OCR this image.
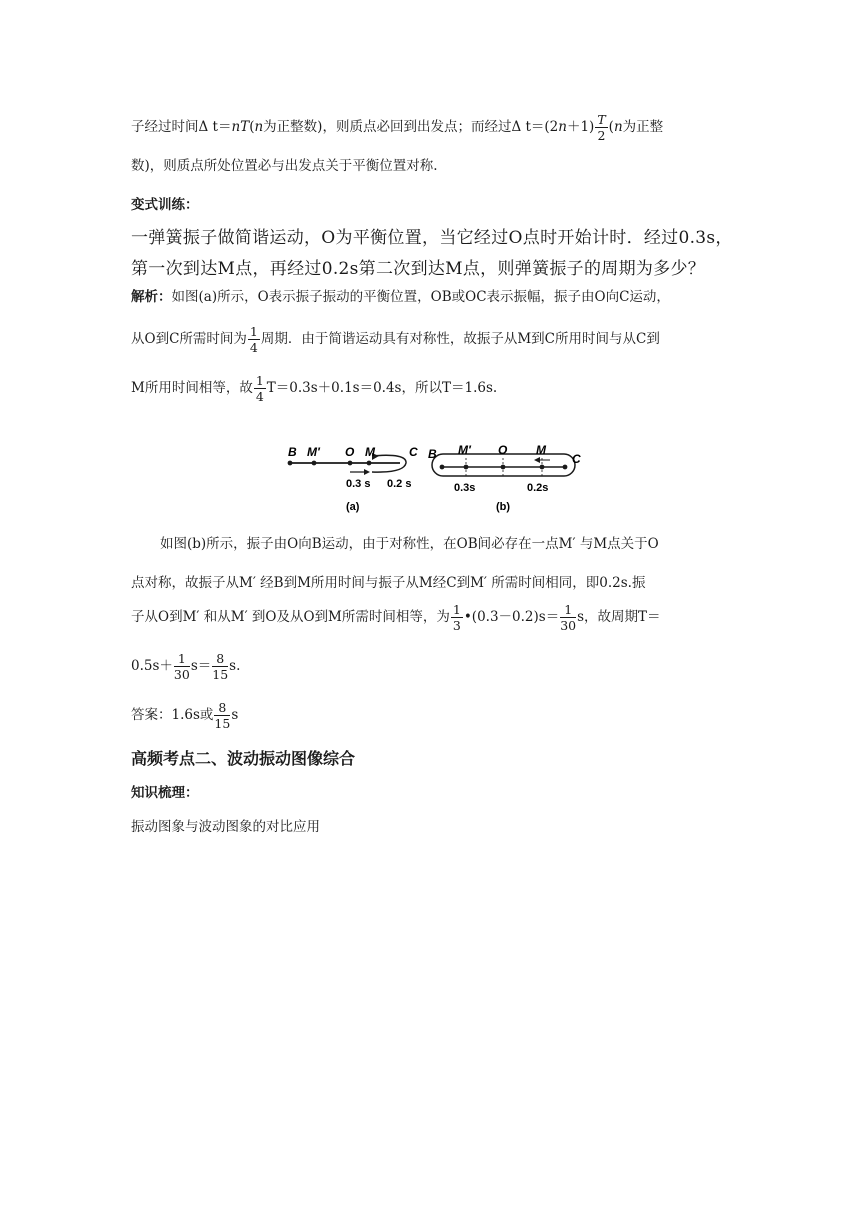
子经过时间Δ t＝nT(n为正整数)，则质点必回到出发点；而经过Δ $t=(2n+1) \frac{T}{2} (n$为正整
数)，则质点所处位置必与出发点关于平衡位置对称.
变式训练：
一弹簧振子做简谐运动，O为平衡位置，当它经过O点时开始计时．经过0.3s，
第一次到达M点，再经过0.2s第二次到达M点，则弹簧振子的周期为多少？
解析：如图(a)所示，O表示振子振动的平衡位置，OB或OC表示振幅，振子由O向C运动，
从O到C所需时间为 $\frac{1}{4}$ 周期．由于简谐运动具有对称性，故振子从M到C所用时间与从C到
M所用时间相等，故 $\frac{1}{4} T=0.3s+0.1s=0.4s$，所以T＝1.6s.
B M′ O M	C
0.3 s 0.2 s
(a)
B M′ O M
C
0.3s	0.2s
(b)
如图(b)所示，振子由O向B运动，由于对称性，在OB间必存在一点M′ 与M点关于O
点对称，故振子从M′ 经B到M所用时间与振子从M经C到M′ 所需时间相同，即0.2s.振
子从O到M′ 和从M′ 到O及从O到M所需时间相等，为 $\frac{1}{3}$ •(0.3－0.2)s＝ $\frac{1}{30}$ s，故周期T＝
$0.5s+ \frac{1}{30} s= \frac{8}{15} s$.
答案：1.6s或 $\frac{8}{15}$ s
高频考点二、波动振动图像综合
知识梳理：
振动图象与波动图象的对比应用
